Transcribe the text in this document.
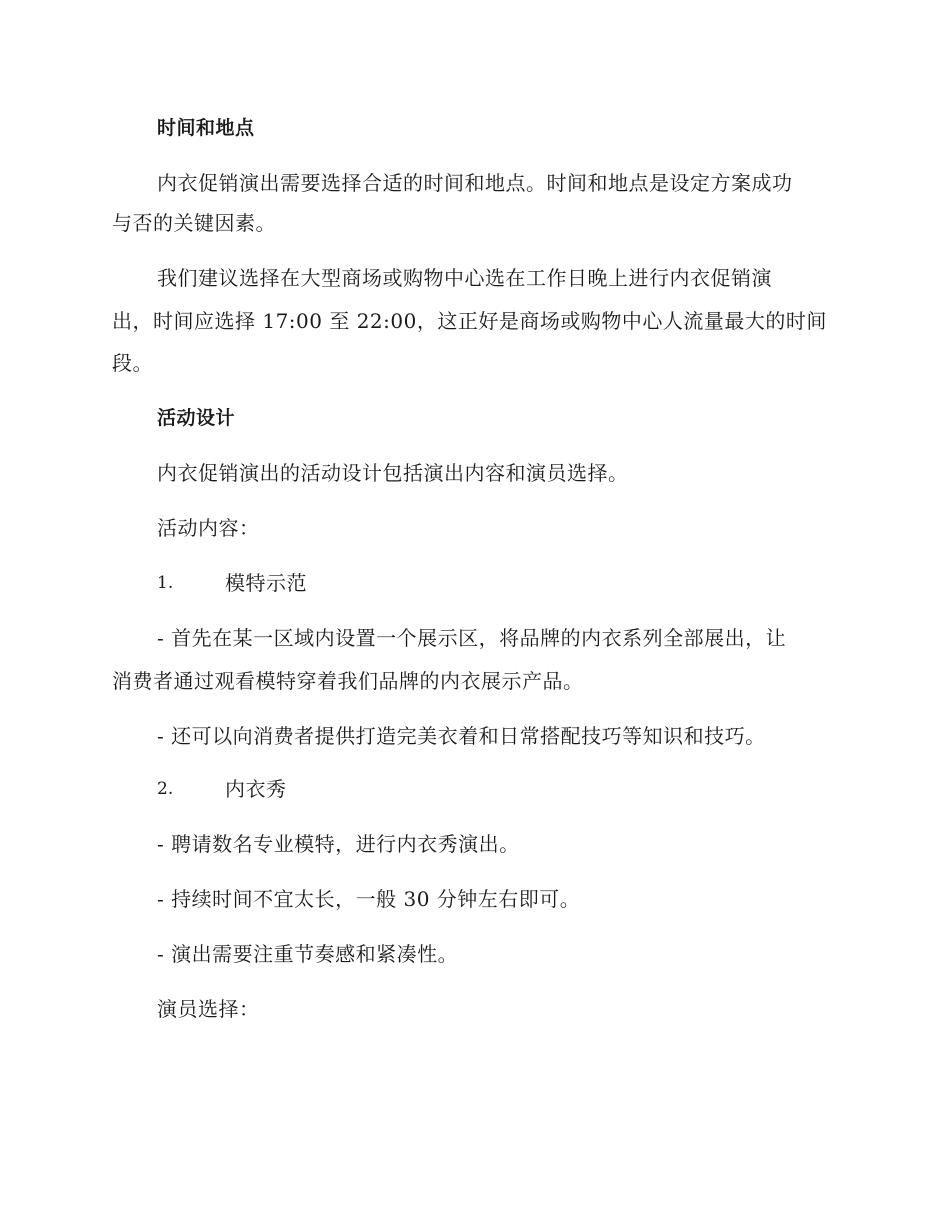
时间和地点
内衣促销演出需要选择合适的时间和地点。时间和地点是设定方案成功
与否的关键因素。
我们建议选择在大型商场或购物中心选在工作日晚上进行内衣促销演
出，时间应选择 17:00 至 22:00，这正好是商场或购物中心人流量最大的时间
段。
活动设计
内衣促销演出的活动设计包括演出内容和演员选择。
活动内容：
1.	模特示范
- 首先在某一区域内设置一个展示区，将品牌的内衣系列全部展出，让
消费者通过观看模特穿着我们品牌的内衣展示产品。
- 还可以向消费者提供打造完美衣着和日常搭配技巧等知识和技巧。
2.	内衣秀
- 聘请数名专业模特，进行内衣秀演出。
- 持续时间不宜太长，一般 30 分钟左右即可。
- 演出需要注重节奏感和紧凑性。
演员选择：
